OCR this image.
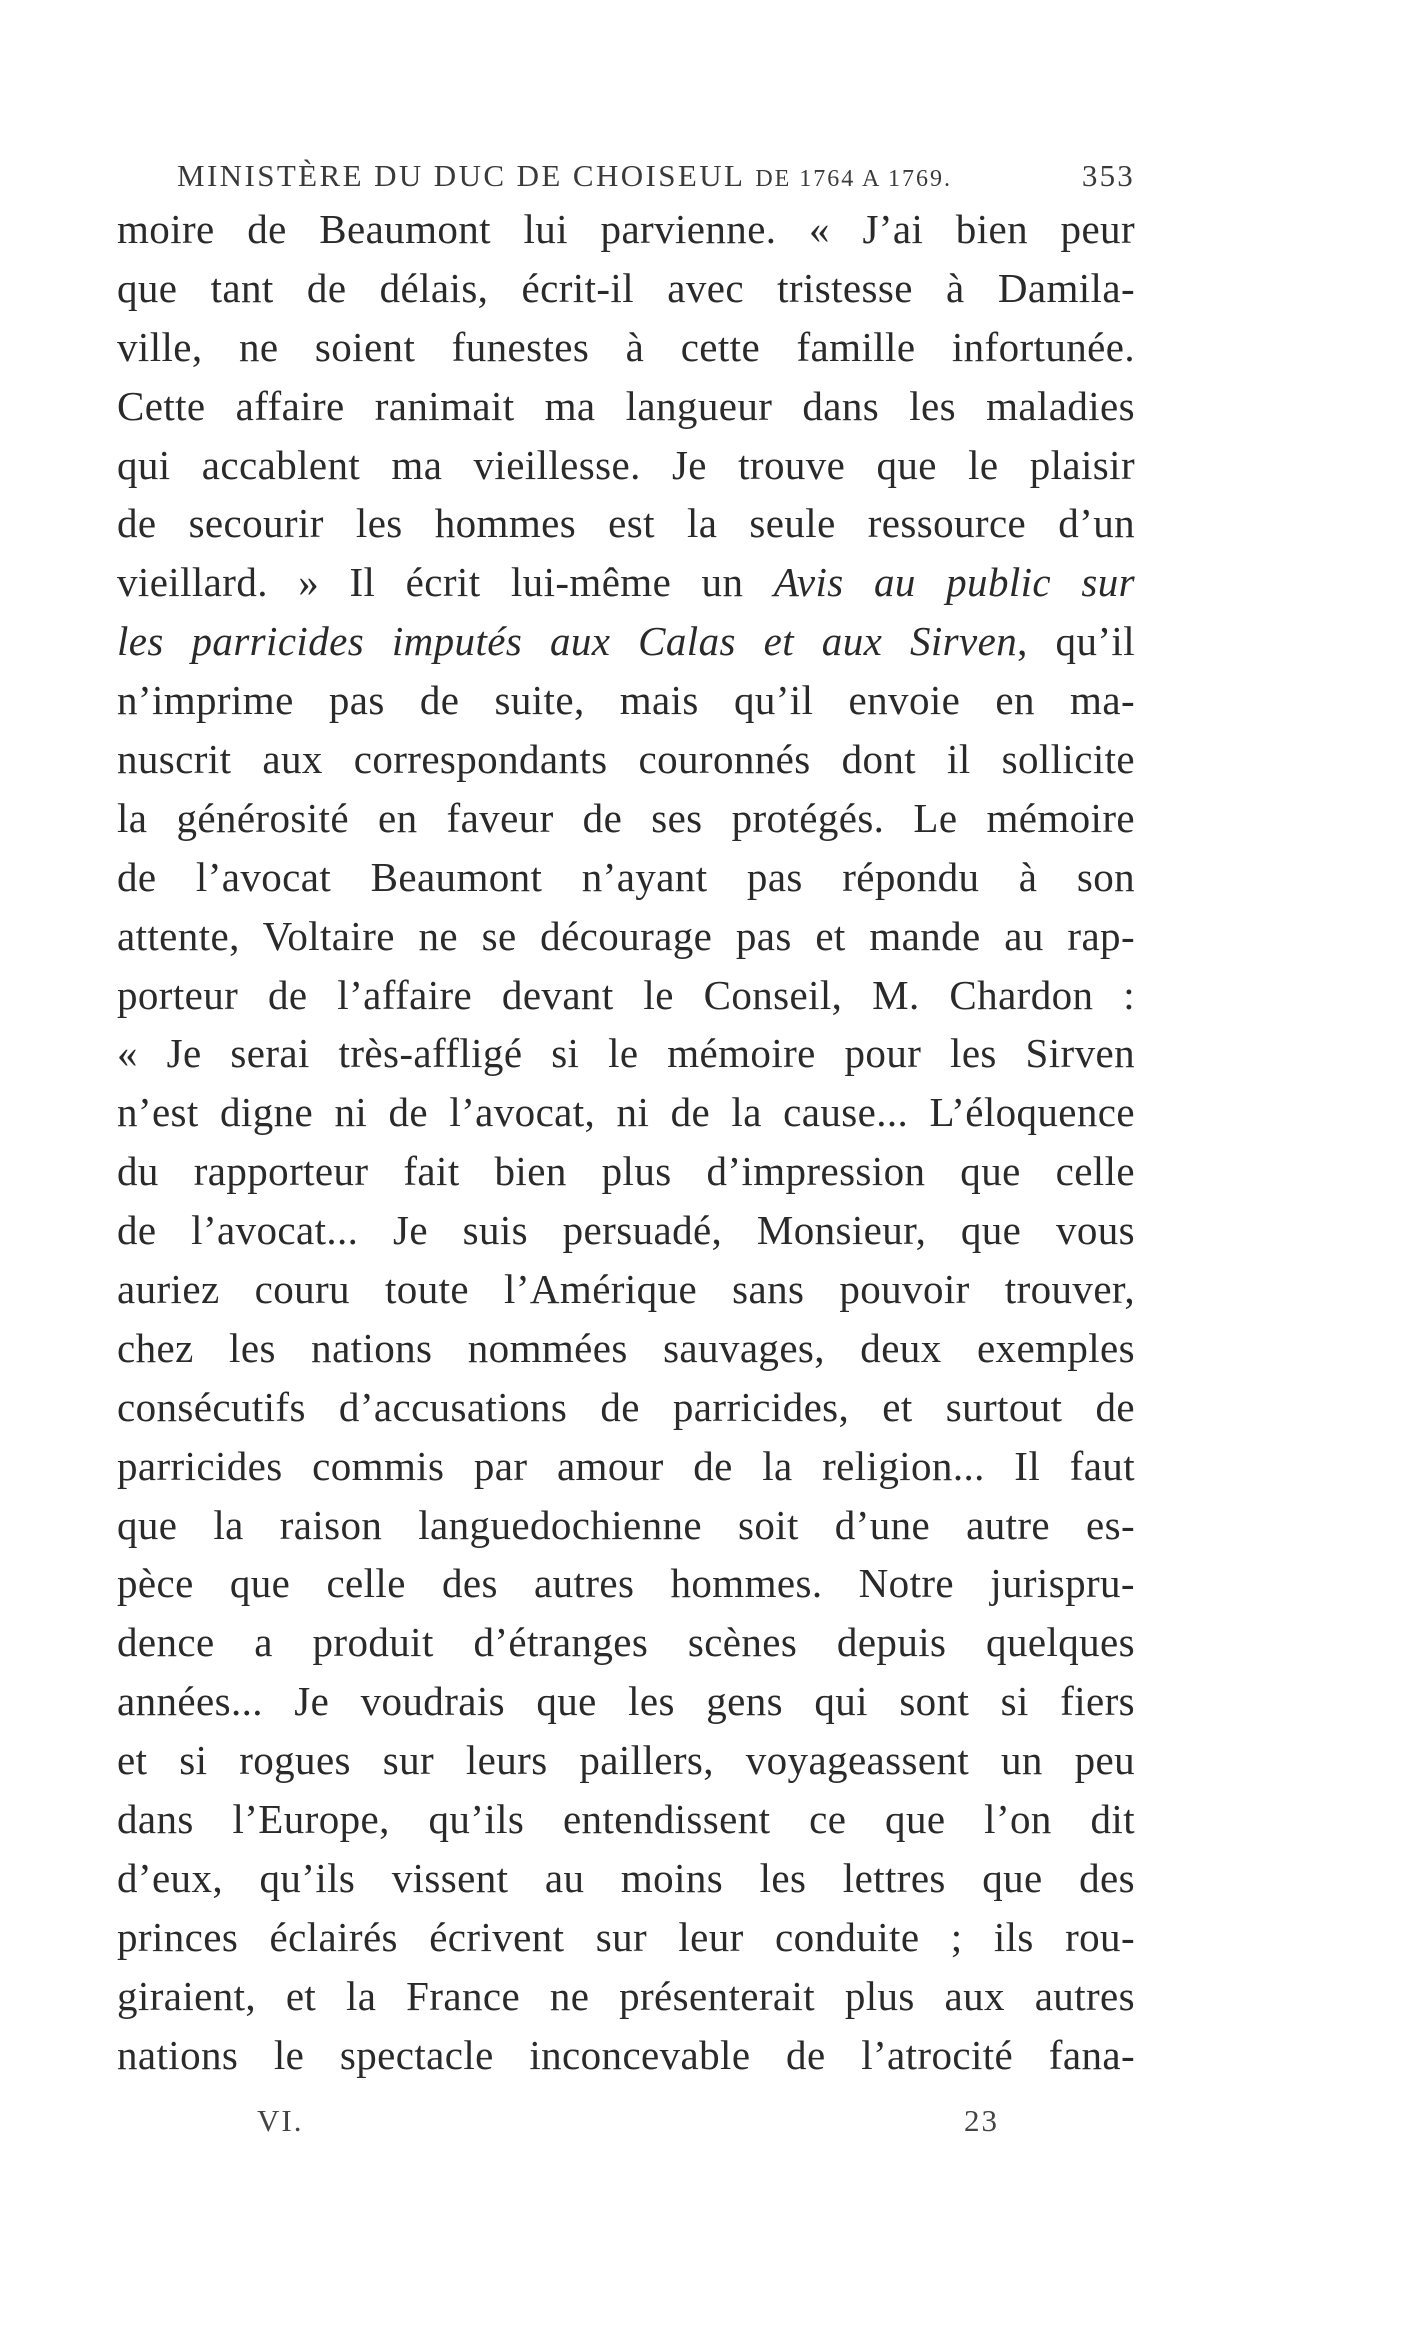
MINISTÈRE DU DUC DE CHOISEUL DE 1764 A 1769.	353
moire de Beaumont lui parvienne. « J’ai bien peur
que tant de délais, écrit-il avec tristesse à Damila-
ville, ne soient funestes à cette famille infortunée.
Cette affaire ranimait ma langueur dans les maladies
qui accablent ma vieillesse. Je trouve que le plaisir
de secourir les hommes est la seule ressource d’un
vieillard. » Il écrit lui-même un Avis au public sur
les parricides imputés aux Calas et aux Sirven, qu’il
n’imprime pas de suite, mais qu’il envoie en ma-
nuscrit aux correspondants couronnés dont il sollicite
la générosité en faveur de ses protégés. Le mémoire
de l’avocat Beaumont n’ayant pas répondu à son
attente, Voltaire ne se décourage pas et mande au rap-
porteur de l’affaire devant le Conseil, M. Chardon :
« Je serai très-affligé si le mémoire pour les Sirven
n’est digne ni de l’avocat, ni de la cause... L’éloquence
du rapporteur fait bien plus d’impression que celle
de l’avocat... Je suis persuadé, Monsieur, que vous
auriez couru toute l’Amérique sans pouvoir trouver,
chez les nations nommées sauvages, deux exemples
consécutifs d’accusations de parricides, et surtout de
parricides commis par amour de la religion... Il faut
que la raison languedochienne soit d’une autre es-
pèce que celle des autres hommes. Notre jurispru-
dence a produit d’étranges scènes depuis quelques
années... Je voudrais que les gens qui sont si fiers
et si rogues sur leurs paillers, voyageassent un peu
dans l’Europe, qu’ils entendissent ce que l’on dit
d’eux, qu’ils vissent au moins les lettres que des
princes éclairés écrivent sur leur conduite ; ils rou-
giraient, et la France ne présenterait plus aux autres
nations le spectacle inconcevable de l’atrocité fana-
VI.	23
